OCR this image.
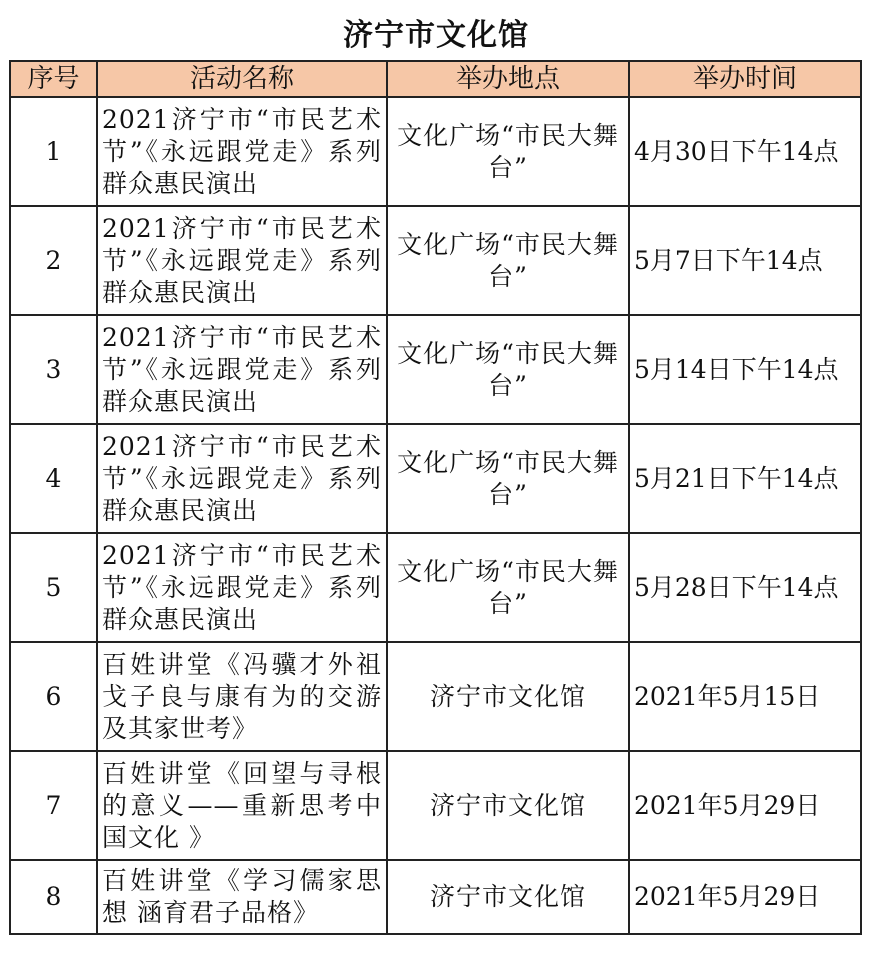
济宁市文化馆
序号	活动名称	举办地点	举办时间
1	2021济宁市“市民艺术节”《永远跟党走》系列群众惠民演出	文化广场“市民大舞台”	4月30日下午14点
2	2021济宁市“市民艺术节”《永远跟党走》系列群众惠民演出	文化广场“市民大舞台”	5月7日下午14点
3	2021济宁市“市民艺术节”《永远跟党走》系列群众惠民演出	文化广场“市民大舞台”	5月14日下午14点
4	2021济宁市“市民艺术节”《永远跟党走》系列群众惠民演出	文化广场“市民大舞台”	5月21日下午14点
5	2021济宁市“市民艺术节”《永远跟党走》系列群众惠民演出	文化广场“市民大舞台”	5月28日下午14点
6	百姓讲堂《冯骥才外祖戈子良与康有为的交游及其家世考》	济宁市文化馆	2021年5月15日
7	百姓讲堂《回望与寻根的意义——重新思考中国文化 》	济宁市文化馆	2021年5月29日
8	百姓讲堂《学习儒家思想 涵育君子品格》	济宁市文化馆	2021年5月29日
